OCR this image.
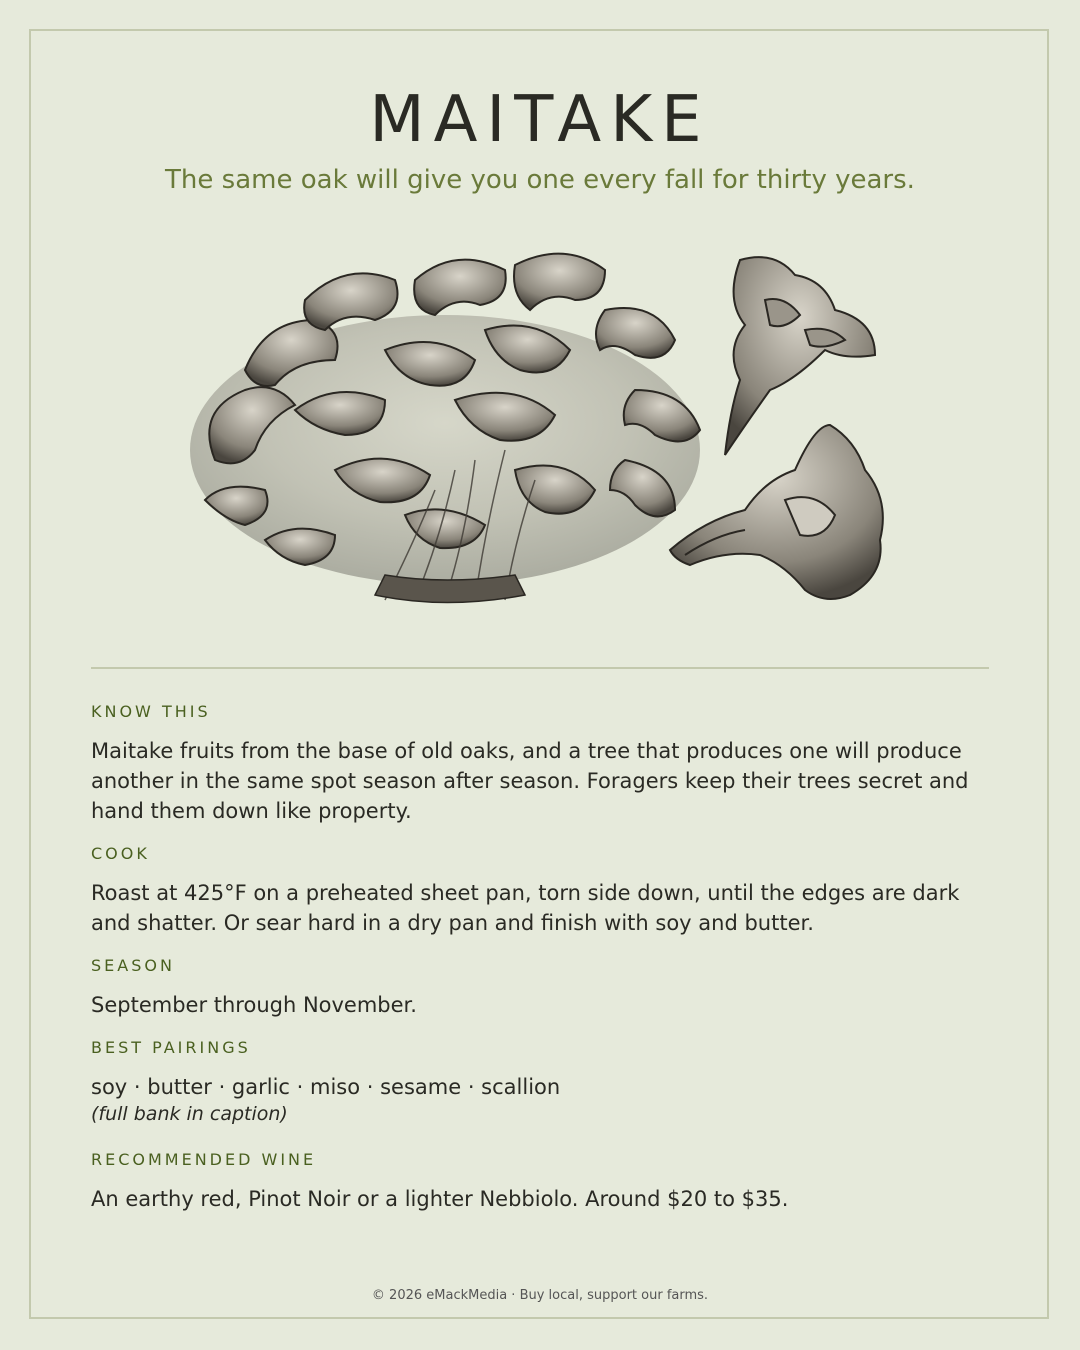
MAITAKE
The same oak will give you one every fall for thirty years.

KNOW THIS

Maitake fruits from the base of old oaks, and a tree that produces one will produce another in the same spot season after season. Foragers keep their trees secret and hand them down like property.

COOK

Roast at 425°F on a preheated sheet pan, torn side down, until the edges are dark and shatter. Or sear hard in a dry pan and finish with soy and butter.

SEASON

September through November.

BEST PAIRINGS

soy · butter · garlic · miso · sesame · scallion

(full bank in caption)

RECOMMENDED WINE

An earthy red, Pinot Noir or a lighter Nebbiolo. Around $20 to $35.

© 2026 eMackMedia · Buy local, support our farms.
